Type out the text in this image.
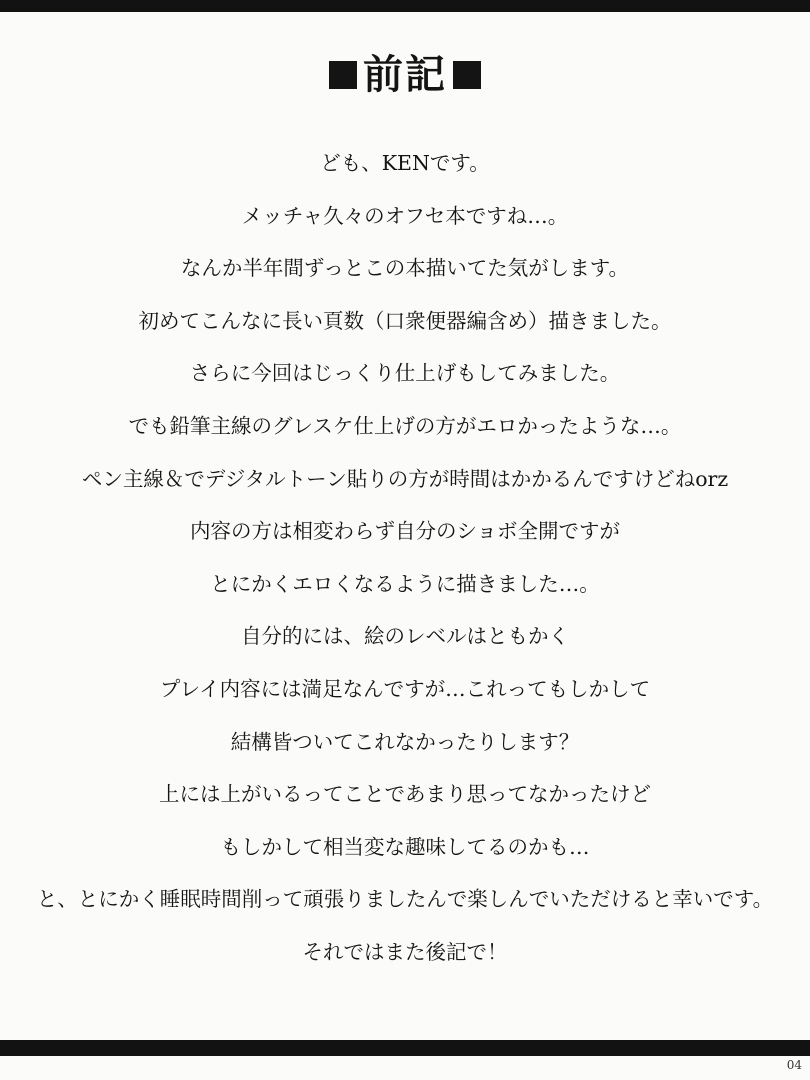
前記
ども、KENです。
メッチャ久々のオフセ本ですね…。
なんか半年間ずっとこの本描いてた気がします。
初めてこんなに長い頁数（口衆便器編含め）描きました。
さらに今回はじっくり仕上げもしてみました。
でも鉛筆主線のグレスケ仕上げの方がエロかったような…。
ペン主線＆でデジタルトーン貼りの方が時間はかかるんですけどねorz
内容の方は相変わらず自分のショボ全開ですが
とにかくエロくなるように描きました…。
自分的には、絵のレベルはともかく
プレイ内容には満足なんですが…これってもしかして
結構皆ついてこれなかったりします？
上には上がいるってことであまり思ってなかったけど
もしかして相当変な趣味してるのかも…
と、とにかく睡眠時間削って頑張りましたんで楽しんでいただけると幸いです。
それではまた後記で！
04
